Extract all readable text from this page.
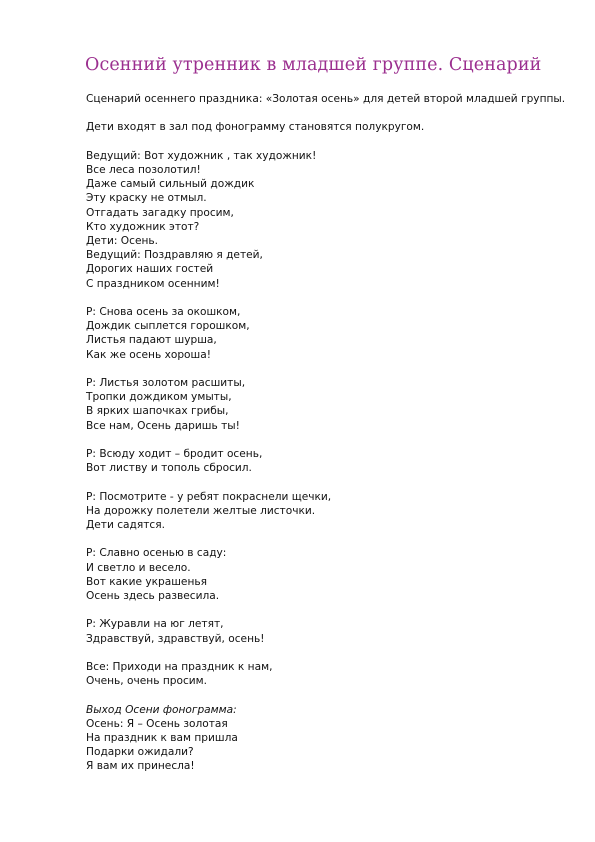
Осенний утренник в младшей группе. Сценарий
Сценарий осеннего праздника: «Золотая осень» для детей второй младшей группы.
Дети входят в зал под фонограмму становятся полукругом.
Ведущий: Вот художник , так художник!
Все леса позолотил!
Даже самый сильный дождик
Эту краску не отмыл.
Отгадать загадку просим,
Кто художник этот?
Дети: Осень.
Ведущий: Поздравляю я детей,
Дорогих наших гостей
С праздником осенним!
Р: Снова осень за окошком,
Дождик сыплется горошком,
Листья падают шурша,
Как же осень хороша!
Р: Листья золотом расшиты,
Тропки дождиком умыты,
В ярких шапочках грибы,
Все нам, Осень даришь ты!
Р: Всюду ходит – бродит осень,
Вот листву и тополь сбросил.
Р: Посмотрите - у ребят покраснели щечки,
На дорожку полетели желтые листочки.
Дети садятся.
Р: Славно осенью в саду:
И светло и весело.
Вот какие украшенья
Осень здесь развесила.
Р: Журавли на юг летят,
Здравствуй, здравствуй, осень!
Все: Приходи на праздник к нам,
Очень, очень просим.
Выход Осени фонограмма:
Осень: Я – Осень золотая
На праздник к вам пришла
Подарки ожидали?
Я вам их принесла!
